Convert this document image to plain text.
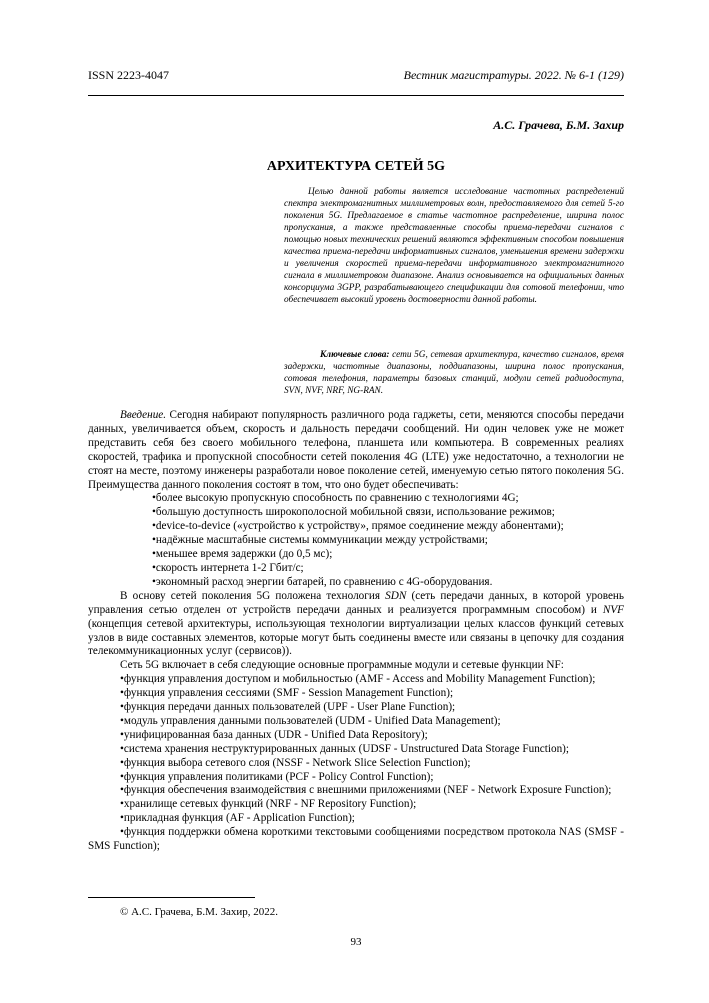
ISSN 2223-4047	Вестник магистратуры. 2022. № 6-1 (129)
А.С. Грачева, Б.М. Захир
АРХИТЕКТУРА СЕТЕЙ 5G

Целью данной работы является исследование частотных распределений спектра электромагнитных миллиметровых волн, предоставляемого для сетей 5-го поколения 5G. Предлагаемое в статье частотное распределение, ширина полос пропускания, а также представленные способы приема-передачи сигналов с помощью новых технических решений являются эффективным способом повышения качества приема-передачи информативных сигналов, уменьшения времени задержки и увеличения скоростей приема-передачи информативного электромагнитного сигнала в миллиметровом диапазоне. Анализ основывается на официальных данных консорциума 3GPP, разрабатывающего спецификации для сотовой телефонии, что обеспечивает высокий уровень достоверности данной работы.

Ключевые слова: сети 5G, сетевая архитектура, качество сигналов, время задержки, частотные диапазоны, поддиапазоны, ширина полос пропускания, сотовая телефония, параметры базовых станций, модули сетей радиодоступа, SVN, NVF, NRF, NG-RAN.

Введение. Сегодня набирают популярность различного рода гаджеты, сети, меняются способы передачи данных, увеличивается объем, скорость и дальность передачи сообщений. Ни один человек уже не может представить себя без своего мобильного телефона, планшета или компьютера. В современных реалиях скоростей, трафика и пропускной способности сетей поколения 4G (LTE) уже недостаточно, а технологии не стоят на месте, поэтому инженеры разработали новое поколение сетей, именуемую сетью пятого поколения 5G. Преимущества данного поколения состоят в том, что оно будет обеспечивать:

•более высокую пропускную способность по сравнению с технологиями 4G;

•большую доступность широкополосной мобильной связи, использование режимов;

•device-to-device («устройство к устройству», прямое соединение между абонентами);

•надёжные масштабные системы коммуникации между устройствами;

•меньшее время задержки (до 0,5 мс);

•скорость интернета 1-2 Гбит/с;

•экономный расход энергии батарей, по сравнению с 4G-оборудования.

В основу сетей поколения 5G положена технология SDN (сеть передачи данных, в которой уровень управления сетью отделен от устройств передачи данных и реализуется программным способом) и NVF (концепция сетевой архитектуры, использующая технологии виртуализации целых классов функций сетевых узлов в виде составных элементов, которые могут быть соединены вместе или связаны в цепочку для создания телекоммуникационных услуг (сервисов)).

Сеть 5G включает в себя следующие основные программные модули и сетевые функции NF:

•функция управления доступом и мобильностью (AMF - Access and Mobility Management Function);

•функция управления сессиями (SMF - Session Management Function);

•функция передачи данных пользователей (UPF - User Plane Function);

•модуль управления данными пользователей (UDM - Unified Data Management);

•унифицированная база данных (UDR - Unified Data Repository);

•система хранения неструктурированных данных (UDSF - Unstructured Data Storage Function);

•функция выбора сетевого слоя (NSSF - Network Slice Selection Function);

•функция управления политиками (PCF - Policy Control Function);

•функция обеспечения взаимодействия с внешними приложениями (NEF - Network Exposure Function);

•хранилище сетевых функций (NRF - NF Repository Function);

•прикладная функция (AF - Application Function);

•функция поддержки обмена короткими текстовыми сообщениями посредством протокола NAS (SMSF - SMS Function);

© А.С. Грачева, Б.М. Захир, 2022.
93
